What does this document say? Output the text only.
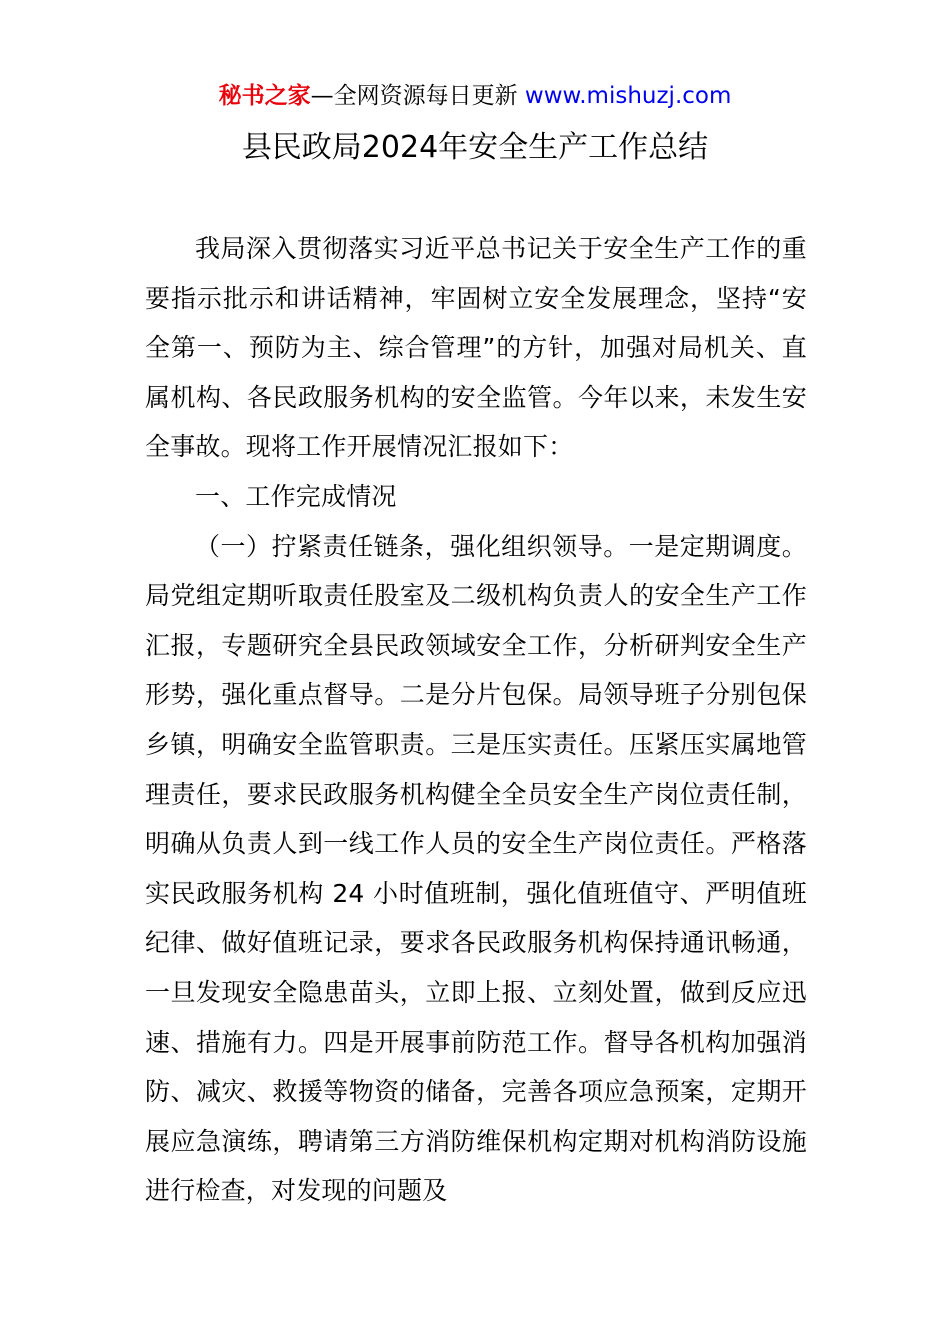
秘书之家—全网资源每日更新 www.mishuzj.com
县民政局2024年安全生产工作总结

我局深入贯彻落实习近平总书记关于安全生产工作的重要指示批示和讲话精神，牢固树立安全发展理念，坚持“安全第一、预防为主、综合管理”的方针，加强对局机关、直属机构、各民政服务机构的安全监管。今年以来，未发生安全事故。现将工作开展情况汇报如下：

一、工作完成情况

（一）拧紧责任链条，强化组织领导。一是定期调度。局党组定期听取责任股室及二级机构负责人的安全生产工作汇报，专题研究全县民政领域安全工作，分析研判安全生产形势，强化重点督导。二是分片包保。局领导班子分别包保乡镇，明确安全监管职责。三是压实责任。压紧压实属地管理责任，要求民政服务机构健全全员安全生产岗位责任制，明确从负责人到一线工作人员的安全生产岗位责任。严格落实民政服务机构 24 小时值班制，强化值班值守、严明值班纪律、做好值班记录，要求各民政服务机构保持通讯畅通，一旦发现安全隐患苗头，立即上报、立刻处置，做到反应迅速、措施有力。四是开展事前防范工作。督导各机构加强消防、减灾、救援等物资的储备，完善各项应急预案，定期开展应急演练，聘请第三方消防维保机构定期对机构消防设施进行检查，对发现的问题及
